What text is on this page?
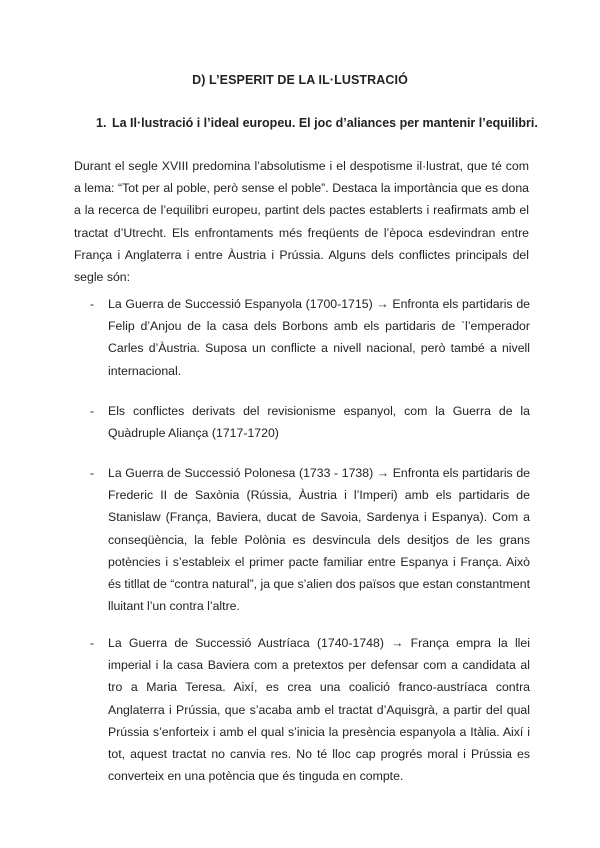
D) L’ESPERIT DE LA IL·LUSTRACIÓ
1. La Il·lustració i l’ideal europeu. El joc d’aliances per mantenir l’equilibri.
Durant el segle XVIII predomina l’absolutisme i el despotisme il·lustrat, que té com a lema: “Tot per al poble, però sense el poble”. Destaca la importància que es dona a la recerca de l’equilibri europeu, partint dels pactes establerts i reafirmats amb el tractat d’Utrecht. Els enfrontaments més freqüents de l’època esdevindran entre França i Anglaterra i entre Àustria i Prússia. Alguns dels conflictes principals del segle són:
-	La Guerra de Successió Espanyola (1700-1715) → Enfronta els partidaris de Felip d’Anjou de la casa dels Borbons amb els partidaris de `l’emperador Carles d’Àustria. Suposa un conflicte a nivell nacional, però també a nivell internacional.
-	Els conflictes derivats del revisionisme espanyol, com la Guerra de la Quàdruple Aliança (1717-1720)
-	La Guerra de Successió Polonesa (1733 - 1738) → Enfronta els partidaris de Frederic II de Saxònia (Rússia, Àustria i l’Imperi) amb els partidaris de Stanislaw (França, Baviera, ducat de Savoia, Sardenya i Espanya). Com a conseqüència, la feble Polònia es desvincula dels desitjos de les grans potències i s’estableix el primer pacte familiar entre Espanya i França. Això és titllat de “contra natural”, ja que s’alien dos països que estan constantment lluitant l’un contra l’altre.
-	La Guerra de Successió Austríaca (1740-1748) → França empra la llei imperial i la casa Baviera com a pretextos per defensar com a candidata al tro a Maria Teresa. Així, es crea una coalició franco-austríaca contra Anglaterra i Prússia, que s’acaba amb el tractat d’Aquisgrà, a partir del qual Prússia s’enforteix i amb el qual s’inicia la presència espanyola a Itàlia. Així i tot, aquest tractat no canvia res. No té lloc cap progrés moral i Prússia es converteix en una potència que és tinguda en compte.
